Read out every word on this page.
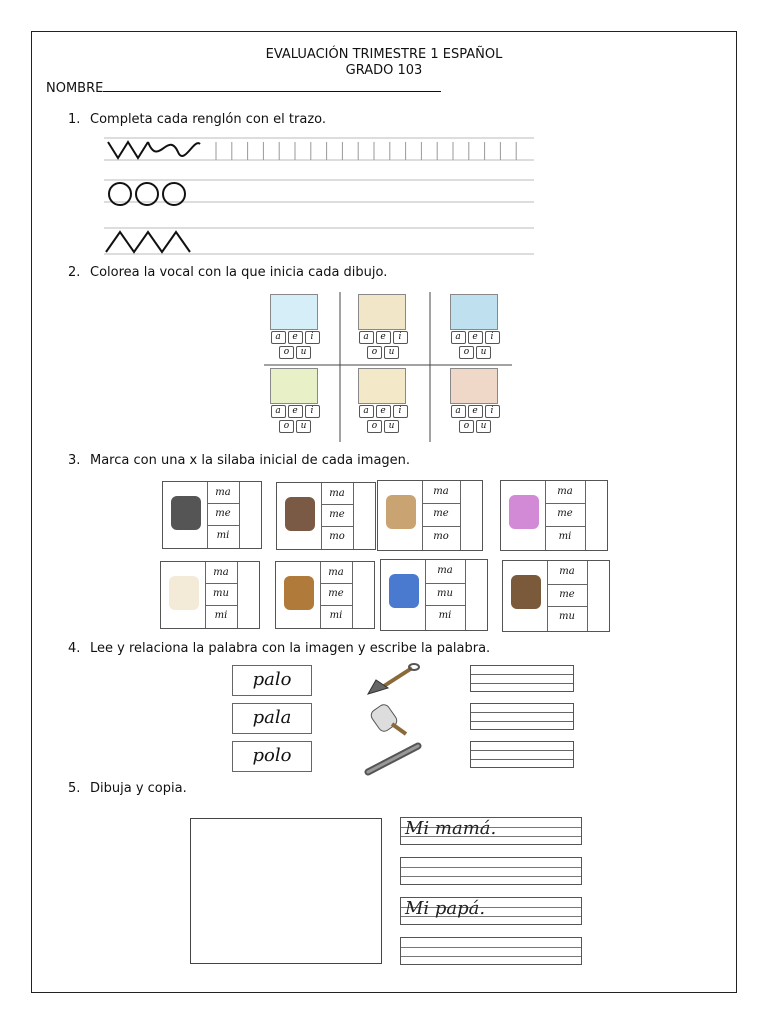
EVALUACIÓN TRIMESTRE 1 ESPAÑOL
GRADO 103
NOMBRE
1. Completa cada renglón con el trazo.
2. Colorea la vocal con la que inicia cada dibujo.
a e i
o u
a e i
o u
a e i
o u
a e i
o u
a e i
o u
a e i
o u
3. Marca con una x la silaba inicial de cada imagen.
ma
me
mi
ma
me
mo
ma
me
mo
ma
me
mi
ma
mu
mi
ma
me
mi
ma
mu
mi
ma
me
mu
4. Lee y relaciona la palabra con la imagen y escribe la palabra.
palo
pala
polo
5. Dibuja y copia.
Mi mamá.
Mi papá.
